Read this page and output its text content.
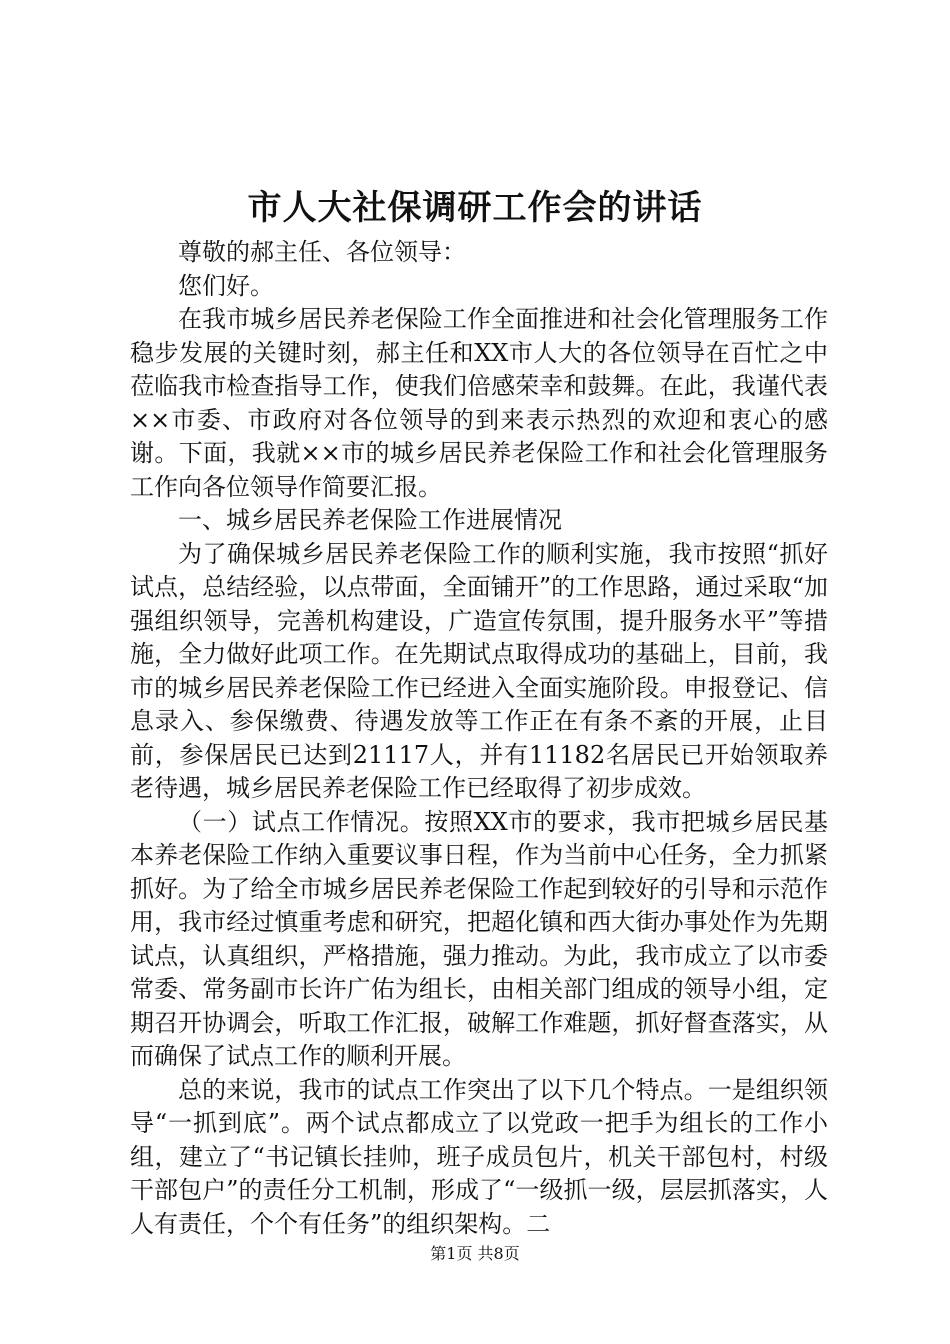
市人大社保调研工作会的讲话

尊敬的郝主任、各位领导：

您们好。

在我市城乡居民养老保险工作全面推进和社会化管理服务工作稳步发展的关键时刻，郝主任和XX市人大的各位领导在百忙之中莅临我市检查指导工作，使我们倍感荣幸和鼓舞。在此，我谨代表××市委、市政府对各位领导的到来表示热烈的欢迎和衷心的感谢。下面，我就××市的城乡居民养老保险工作和社会化管理服务工作向各位领导作简要汇报。

一、城乡居民养老保险工作进展情况

为了确保城乡居民养老保险工作的顺利实施，我市按照“抓好试点，总结经验，以点带面，全面铺开”的工作思路，通过采取“加强组织领导，完善机构建设，广造宣传氛围，提升服务水平”等措施，全力做好此项工作。在先期试点取得成功的基础上，目前，我市的城乡居民养老保险工作已经进入全面实施阶段。申报登记、信息录入、参保缴费、待遇发放等工作正在有条不紊的开展，止目前，参保居民已达到21117人，并有11182名居民已开始领取养老待遇，城乡居民养老保险工作已经取得了初步成效。

（一）试点工作情况。按照XX市的要求，我市把城乡居民基本养老保险工作纳入重要议事日程，作为当前中心任务，全力抓紧抓好。为了给全市城乡居民养老保险工作起到较好的引导和示范作用，我市经过慎重考虑和研究，把超化镇和西大街办事处作为先期试点，认真组织，严格措施，强力推动。为此，我市成立了以市委常委、常务副市长许广佑为组长，由相关部门组成的领导小组，定期召开协调会，听取工作汇报，破解工作难题，抓好督查落实，从而确保了试点工作的顺利开展。

总的来说，我市的试点工作突出了以下几个特点。一是组织领导“一抓到底”。两个试点都成立了以党政一把手为组长的工作小组，建立了“书记镇长挂帅，班子成员包片，机关干部包村，村级干部包户”的责任分工机制，形成了“一级抓一级，层层抓落实，人人有责任，个个有任务”的组织架构。二

第1页 共8页
